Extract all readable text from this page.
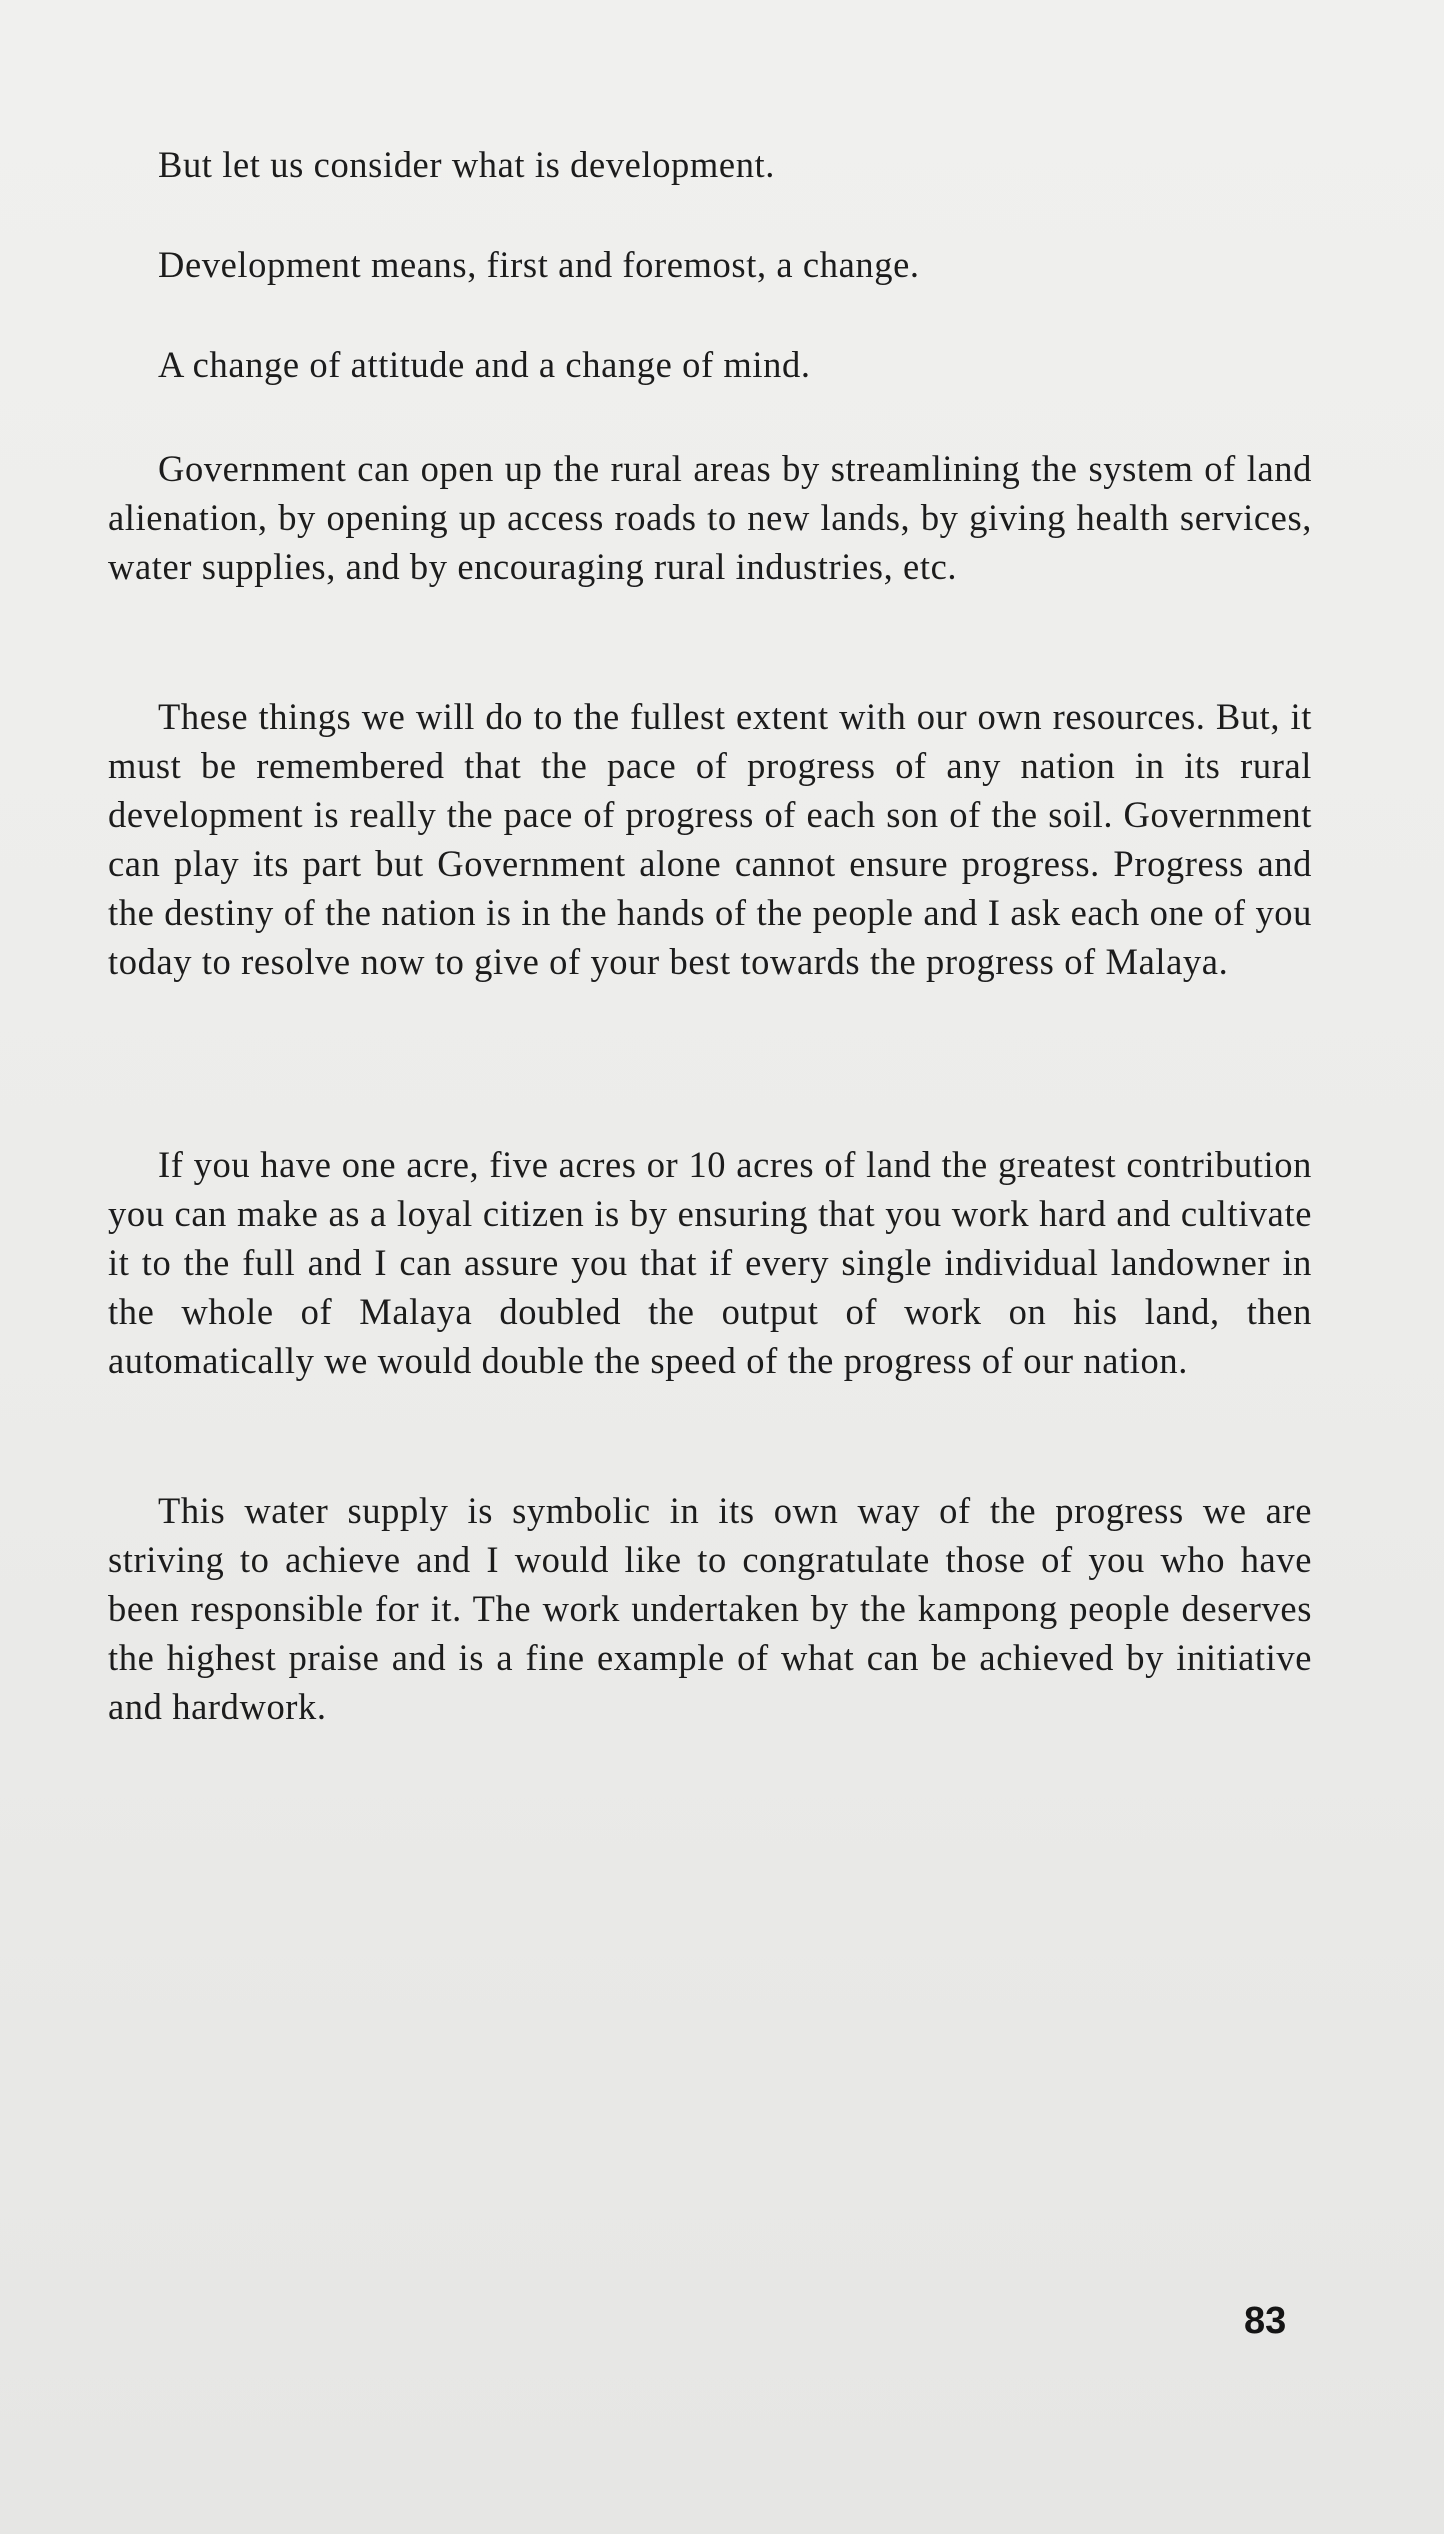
But let us consider what is development.

Development means, first and foremost, a change.

A change of attitude and a change of mind.

Government can open up the rural areas by streamlining the system of land alienation, by opening up access roads to new lands, by giving health services, water supplies, and by encouraging rural industries, etc.

These things we will do to the fullest extent with our own resources. But, it must be remembered that the pace of progress of any nation in its rural development is really the pace of progress of each son of the soil. Government can play its part but Government alone cannot ensure progress. Progress and the destiny of the nation is in the hands of the people and I ask each one of you today to resolve now to give of your best towards the progress of Malaya.

If you have one acre, five acres or 10 acres of land the greatest contribution you can make as a loyal citizen is by ensuring that you work hard and cultivate it to the full and I can assure you that if every single individual landowner in the whole of Malaya doubled the output of work on his land, then automatically we would double the speed of the progress of our nation.

This water supply is symbolic in its own way of the progress we are striving to achieve and I would like to congratulate those of you who have been responsible for it. The work undertaken by the kampong people deserves the highest praise and is a fine example of what can be achieved by initiative and hardwork.

83
